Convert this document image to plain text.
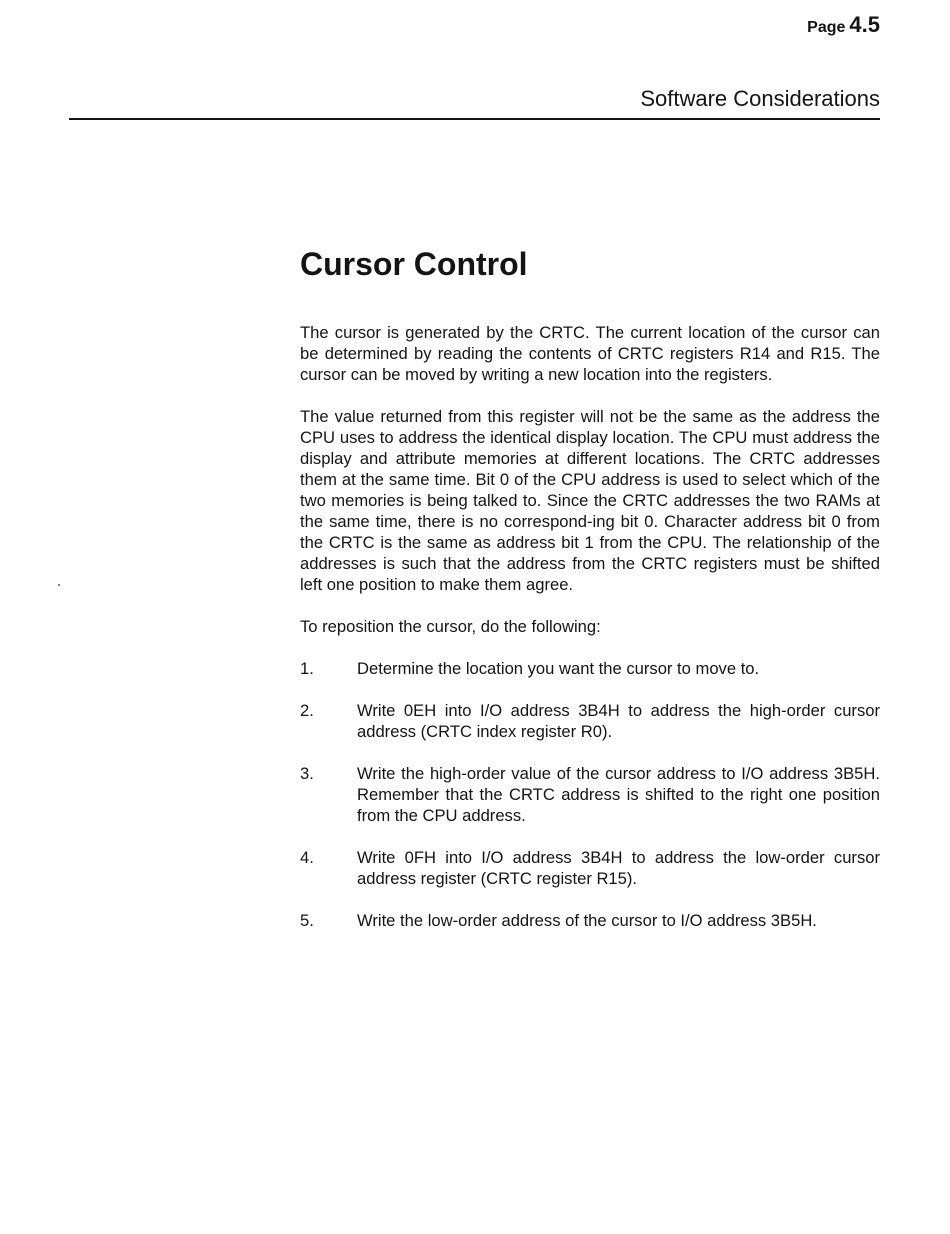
Page 4.5
Software Considerations
Cursor Control

The cursor is generated by the CRTC. The current location of the cursor can be determined by reading the contents of CRTC registers R14 and R15. The cursor can be moved by writing a new location into the registers.

The value returned from this register will not be the same as the address the CPU uses to address the identical display location. The CPU must address the display and attribute memories at different locations. The CRTC addresses them at the same time. Bit 0 of the CPU address is used to select which of the two memories is being talked to. Since the CRTC addresses the two RAMs at the same time, there is no correspond-ing bit 0. Character address bit 0 from the CRTC is the same as address bit 1 from the CPU. The relationship of the addresses is such that the address from the CRTC registers must be shifted left one position to make them agree.

To reposition the cursor, do the following:

1.	Determine the location you want the cursor to move to.
2.	Write 0EH into I/O address 3B4H to address the high-order cursor address (CRTC index register R0).
3.	Write the high-order value of the cursor address to I/O address 3B5H. Remember that the CRTC address is shifted to the right one position from the CPU address.
4.	Write 0FH into I/O address 3B4H to address the low-order cursor address register (CRTC register R15).
5.	Write the low-order address of the cursor to I/O address 3B5H.
